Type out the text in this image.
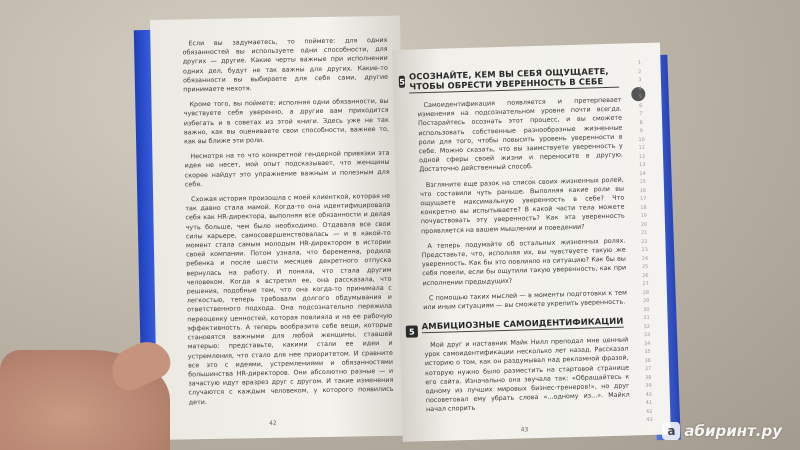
Если вы задумаетесь, то поймете: для одних обязанностей вы используете одни способности, для других — другие. Какие черты важные при исполнении одних дел, будут не так важны для других. Какие-то обязанности вы выбираете для себя сами, другие принимаете нехотя.

Кроме того, вы поймете: исполняя одни обязанности, вы чувствуете себя уверенно, а другие вам приходится избегать и в советах из этой книги. Здесь уже не так важно, как вы оцениваете свои способности, важнее то, как вы ближе эти роли.

Несмотря на то что конкретной гендерной привязки эта идея не несет, мой опыт подсказывает, что женщины скорее найдут это упражнение важным и полезным для себя.

Схожая история произошла с моей клиенткой, которая не так давно стала мамой. Когда-то она идентифицировала себя как HR-директора, выполняя все обязанности и делая чуть больше, чем было необходимо. Отдавала все свои силы карьере, самосовершенствовалась — и в какой-то момент стала самым молодым HR-директором в истории своей компании. Потом узнала, что беременна, родила ребенка и после шести месяцев декретного отпуска вернулась на работу. И поняла, что стала другим человеком. Когда я встретил ее, она рассказала, что решения, подобные тем, что она когда-то принимала с легкостью, теперь требовали долгого обдумывания и ответственного подхода. Она подсознательно пережила переоценку ценностей, которая повлияла и на ее рабочую эффективность. А теперь вообразите себе вещи, которые становятся важными для любой женщины, ставшей матерью: представьте, какими стали ее идеи и устремления, что стало для нее приоритетом. И сравните все это с идеями, устремлениями и обязанностями большинства HR-директоров. Они абсолютно разные — и зачастую идут вразрез друг с другом. И такие изменения случаются с каждым человеком, у которого появились дети.

42
5
ОСОЗНАЙТЕ, КЕМ ВЫ СЕБЯ ОЩУЩАЕТЕ, ЧТОБЫ ОБРЕСТИ УВЕРЕННОСТЬ В СЕБЕ

Самоидентификация появляется и претерпевает изменения на подсознательном уровне почти всегда. Постарайтесь осознать этот процесс, и вы сможете использовать собственные разнообразные жизненные роли для того, чтобы повысить уровень уверенности в себе. Можно сказать, что вы заимствуете уверенность у одной сферы своей жизни и переносите в другую. Достаточно действенный способ.

Взгляните еще разок на список своих жизненных ролей, что составили чуть раньше. Выполняя какие роли вы ощущаете максимальную уверенность в себе? Что конкретно вы испытываете? В какой части тела можете почувствовать эту уверенность? Как эта уверенность проявляется на вашем мышлении и поведении?

А теперь подумайте об остальных жизненных ролях. Представьте, что, исполняя их, вы чувствуете такую же уверенность. Как бы это повлияло на ситуацию? Как бы вы себя повели, если бы ощутили такую уверенность, как при исполнении предыдущих?

С помощью таких мыслей — в моменты подготовки к тем или иным ситуациям — вы сможете укрепить уверенность.

5
АМБИЦИОЗНЫЕ САМОИДЕНТИФИКАЦИИ

Мой друг и наставник Майк Нилл преподал мне ценный урок самоидентификации несколько лет назад. Рассказал историю о том, как он раздумывал над рекламной фразой, которую нужно было разместить на стартовой странице его сайта. Изначально она звучала так: «Обращайтесь к одному из лучших мировых бизнес-тренеров!», но друг посоветовал ему убрать слова «...одному из...». Майкл начал спорить

1
2
3
4
5
6
7
8
9
10
11
12
13
14
15
16
17
18
19
20
21
22
23
24
25
26
27
28
29
30
31
32
33
34
35
36
37
38
39
40
41
42
43
43	a абиринт.ру
